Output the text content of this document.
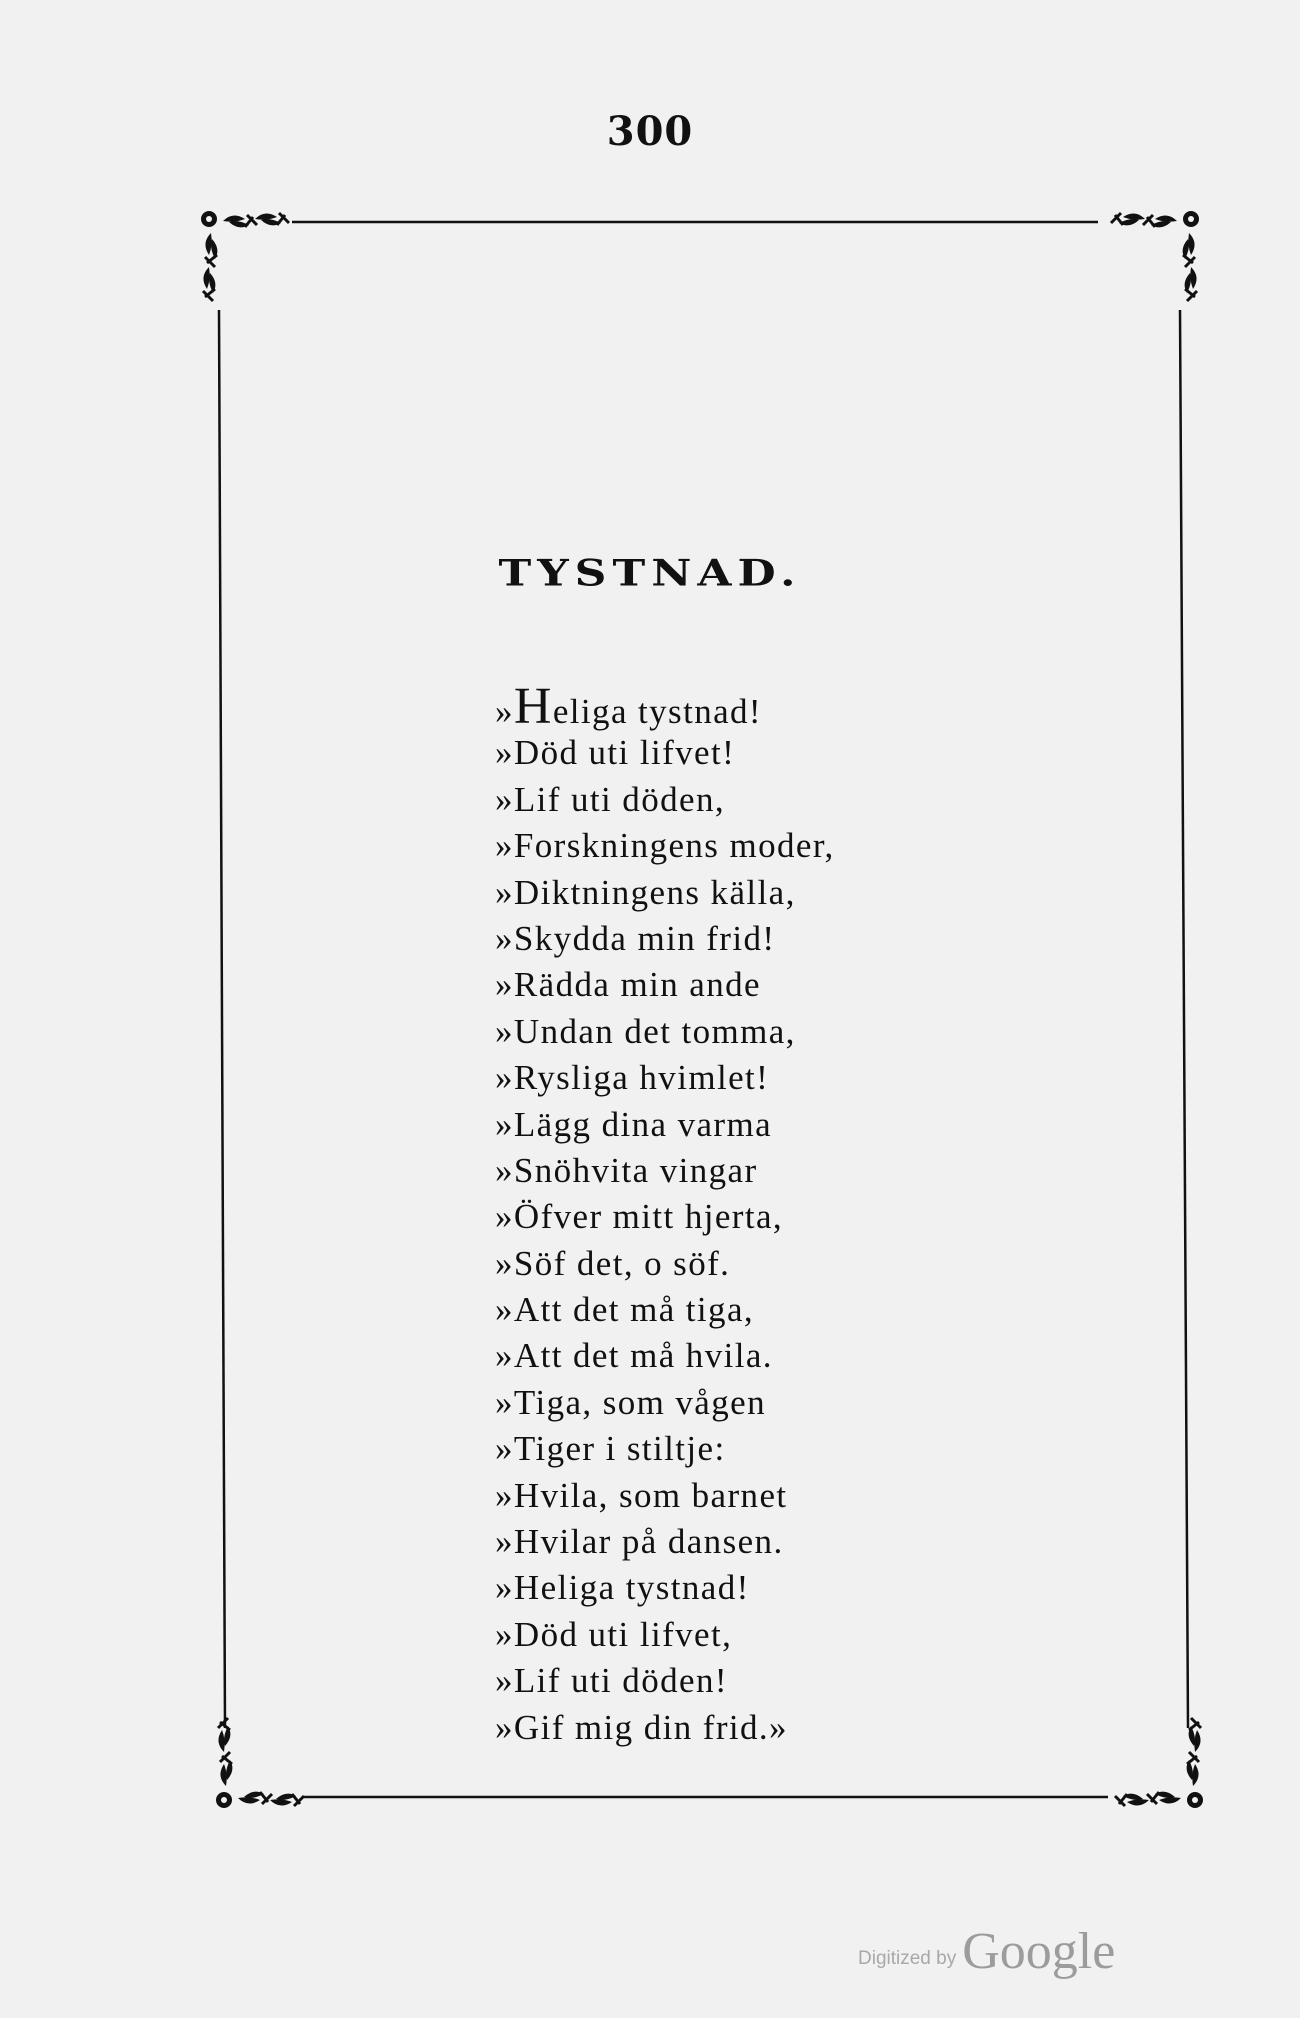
300
TYSTNAD.
»Heliga tystnad!
»Död uti lifvet!
»Lif uti döden,
»Forskningens moder,
»Diktningens källa,
»Skydda min frid!
»Rädda min ande
»Undan det tomma,
»Rysliga hvimlet!
»Lägg dina varma
»Snöhvita vingar
»Öfver mitt hjerta,
»Söf det, o söf.
»Att det må tiga,
»Att det må hvila.
»Tiga, som vågen
»Tiger i stiltje:
»Hvila, som barnet
»Hvilar på dansen.
»Heliga tystnad!
»Död uti lifvet,
»Lif uti döden!
»Gif mig din frid.»
Digitized by Google
